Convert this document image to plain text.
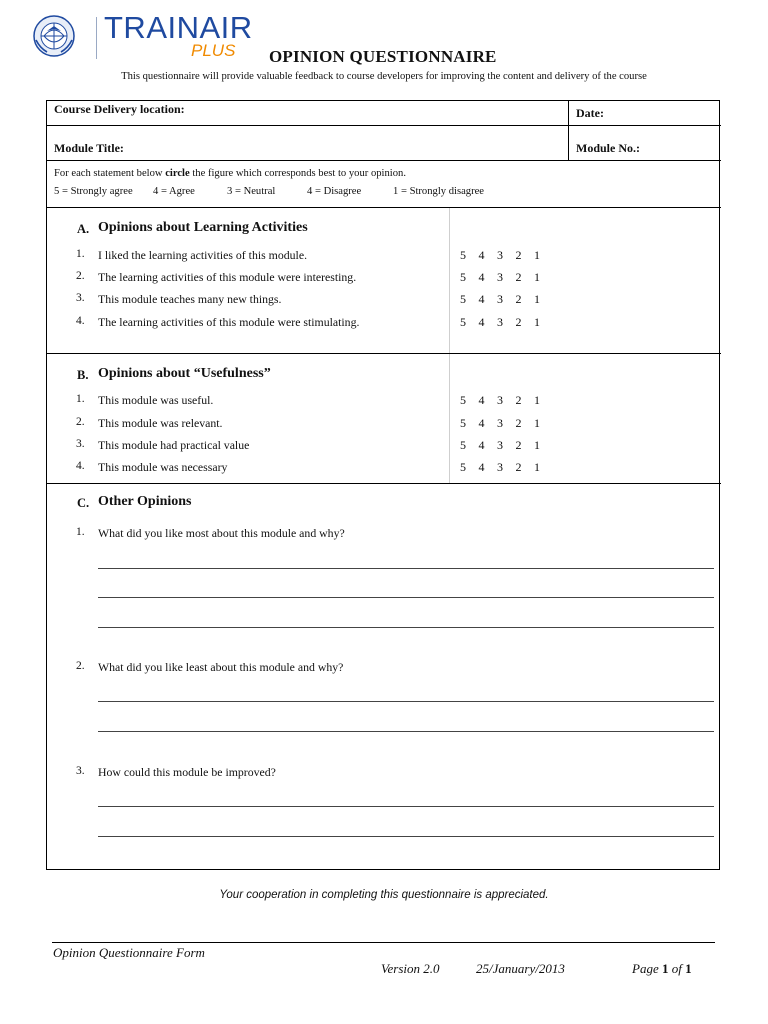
TRAINAIR
PLUS OPINION QUESTIONNAIRE
This questionnaire will provide valuable feedback to course developers for improving the content and delivery of the course
Course Delivery location:	Date:
Module Title:	Module No.:
For each statement below circle the figure which corresponds best to your opinion.
5 = Strongly agree 4 = Agree	3 = Neutral	4 = Disagree	1 = Strongly disagree
A. Opinions about Learning Activities
1.	I liked the learning activities of this module.	5 4 3 2 1
2.	The learning activities of this module were interesting.	5 4 3 2 1
3.	This module teaches many new things.	5 4 3 2 1
4.	The learning activities of this module were stimulating.	5 4 3 2 1
B. Opinions about “Usefulness”
1.	This module was useful.	5 4 3 2 1
2.	This module was relevant.	5 4 3 2 1
3.	This module had practical value	5 4 3 2 1
4.	This module was necessary	5 4 3 2 1
C. Other Opinions
1.	What did you like most about this module and why?
2.	What did you like least about this module and why?
3.	How could this module be improved?
Your cooperation in completing this questionnaire is appreciated.
Opinion Questionnaire Form
Version 2.0	25/January/2013	Page 1 of 1
